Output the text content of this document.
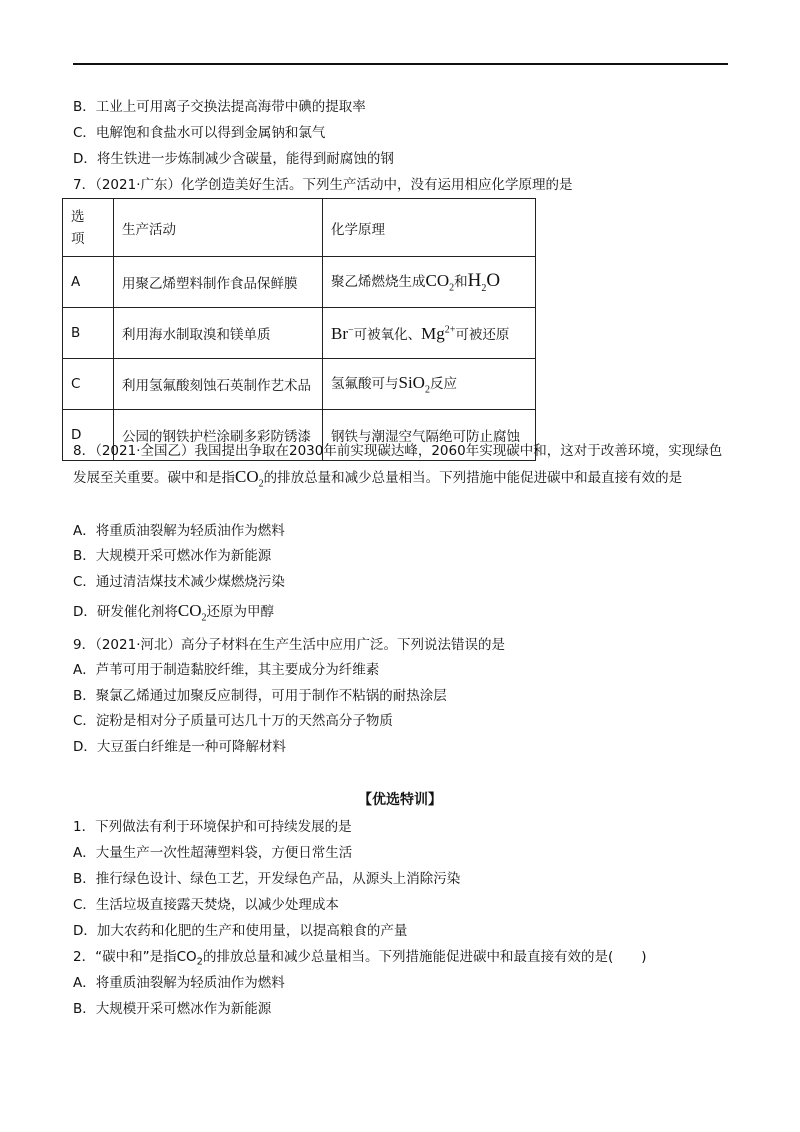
B．工业上可用离子交换法提高海带中碘的提取率
C．电解饱和食盐水可以得到金属钠和氯气
D．将生铁进一步炼制减少含碳量，能得到耐腐蚀的钢
7．（2021·广东）化学创造美好生活。下列生产活动中，没有运用相应化学原理的是
选项	生产活动	化学原理
A	用聚乙烯塑料制作食品保鲜膜	聚乙烯燃烧生成$CO_2$和$H_2O$
B	利用海水制取溴和镁单质	Br−可被氧化、$Mg^{2+}$可被还原
C	利用氢氟酸刻蚀石英制作艺术品	氢氟酸可与SiO$_2$反应
D	公园的钢铁护栏涂刷多彩防锈漆	钢铁与潮湿空气隔绝可防止腐蚀
8．（2021·全国乙）我国提出争取在2030年前实现碳达峰，2060年实现碳中和，这对于改善环境，实现绿色发展至关重要。碳中和是指$CO_2$的排放总量和减少总量相当。下列措施中能促进碳中和最直接有效的是
A．将重质油裂解为轻质油作为燃料
B．大规模开采可燃冰作为新能源
C．通过清洁煤技术减少煤燃烧污染
D．研发催化剂将$CO_2$还原为甲醇
9．（2021·河北）高分子材料在生产生活中应用广泛。下列说法错误的是
A．芦苇可用于制造黏胶纤维，其主要成分为纤维素
B．聚氯乙烯通过加聚反应制得，可用于制作不粘锅的耐热涂层
C．淀粉是相对分子质量可达几十万的天然高分子物质
D．大豆蛋白纤维是一种可降解材料
【优选特训】
1．下列做法有利于环境保护和可持续发展的是
A．大量生产一次性超薄塑料袋，方便日常生活
B．推行绿色设计、绿色工艺，开发绿色产品，从源头上消除污染
C．生活垃圾直接露天焚烧，以减少处理成本
D．加大农药和化肥的生产和使用量，以提高粮食的产量
2．“碳中和”是指$CO_2$的排放总量和减少总量相当。下列措施能促进碳中和最直接有效的是( )
A．将重质油裂解为轻质油作为燃料
B．大规模开采可燃冰作为新能源
